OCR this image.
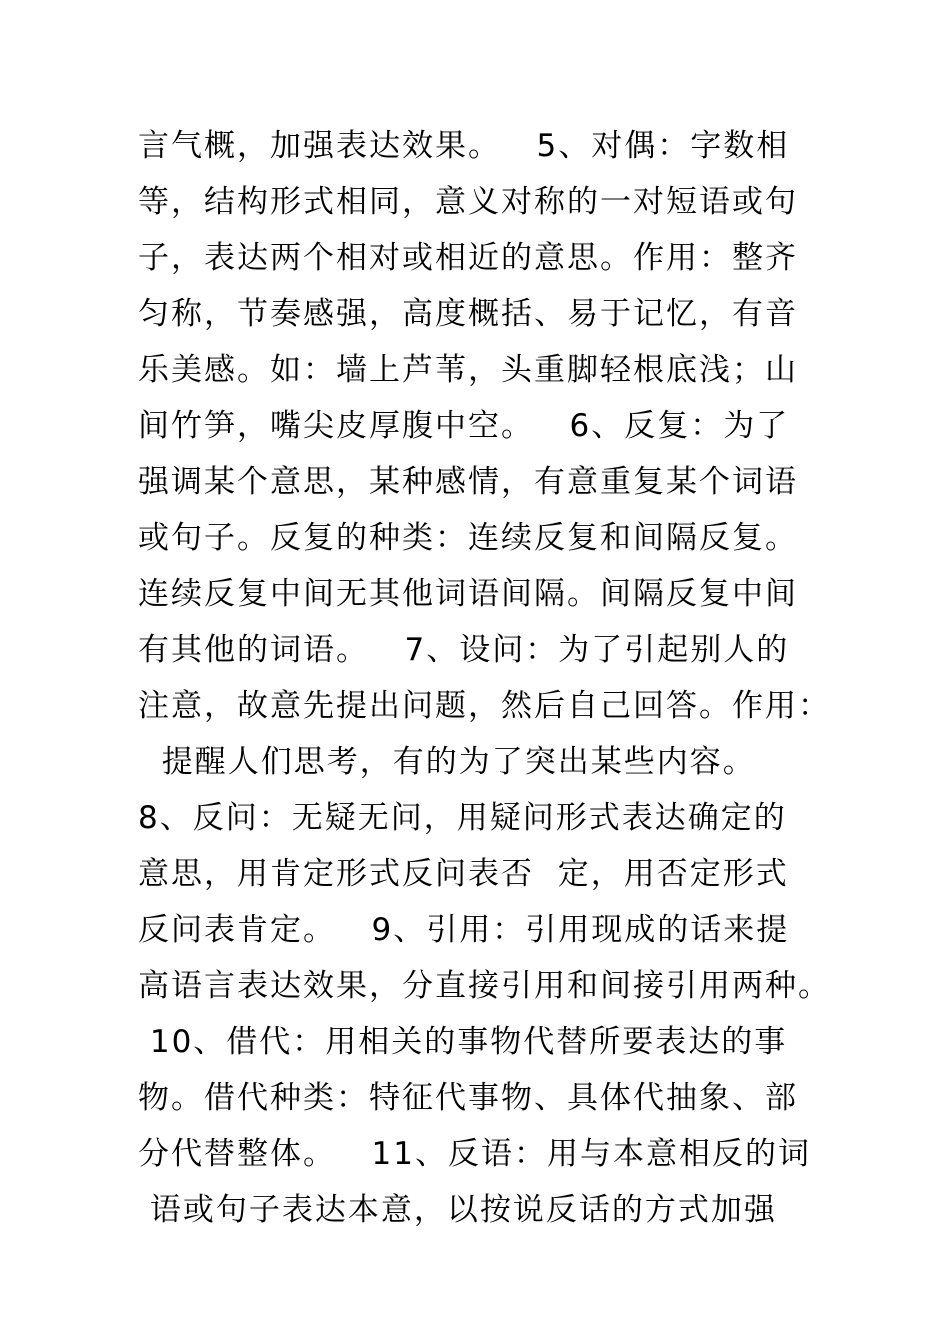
言气概，加强表达效果。   5、对偶：字数相
等，结构形式相同，意义对称的一对短语或句
子，表达两个相对或相近的意思。作用：整齐
匀称，节奏感强，高度概括、易于记忆，有音
乐美感。如：墙上芦苇，头重脚轻根底浅；山
间竹笋，嘴尖皮厚腹中空。   6、反复：为了
强调某个意思，某种感情，有意重复某个词语
或句子。反复的种类：连续反复和间隔反复。
连续反复中间无其他词语间隔。间隔反复中间
有其他的词语。   7、设问：为了引起别人的
注意，故意先提出问题，然后自己回答。作用：
提醒人们思考，有的为了突出某些内容。
8、反问：无疑无问，用疑问形式表达确定的
意思，用肯定形式反问表否  定，用否定形式
反问表肯定。   9、引用：引用现成的话来提
高语言表达效果，分直接引用和间接引用两种。
10、借代：用相关的事物代替所要表达的事
物。借代种类：特征代事物、具体代抽象、部
分代替整体。   11、反语：用与本意相反的词
语或句子表达本意，以按说反话的方式加强
